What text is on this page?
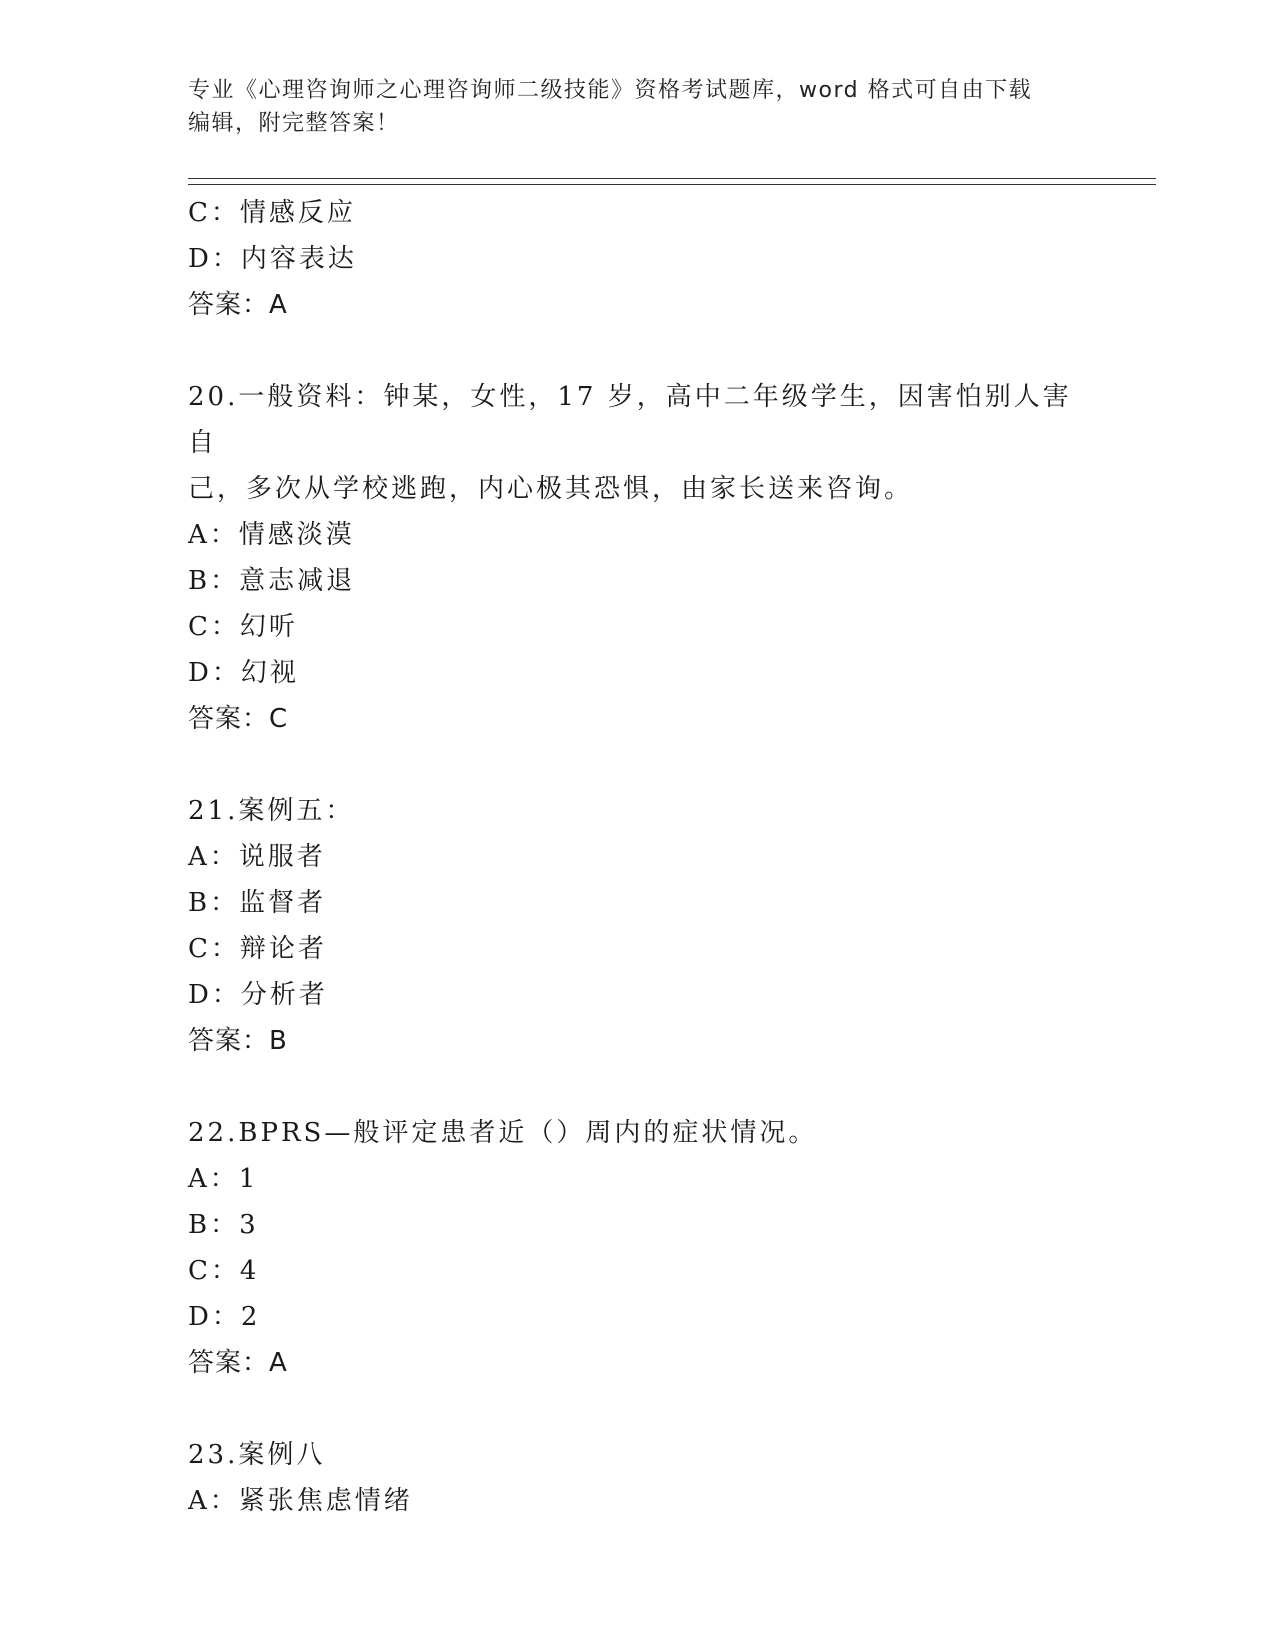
专业《心理咨询师之心理咨询师二级技能》资格考试题库，word 格式可自由下载
编辑，附完整答案！
C：情感反应
D：内容表达
答案：A
20.一般资料：钟某，女性，17 岁，高中二年级学生，因害怕别人害自
己，多次从学校逃跑，内心极其恐惧，由家长送来咨询。
A：情感淡漠
B：意志减退
C：幻听
D：幻视
答案：C
21.案例五：
A：说服者
B：监督者
C：辩论者
D：分析者
答案：B
22.BPRS—般评定患者近（）周内的症状情况。
A：1
B：3
C：4
D：2
答案：A
23.案例八
A：紧张焦虑情绪
